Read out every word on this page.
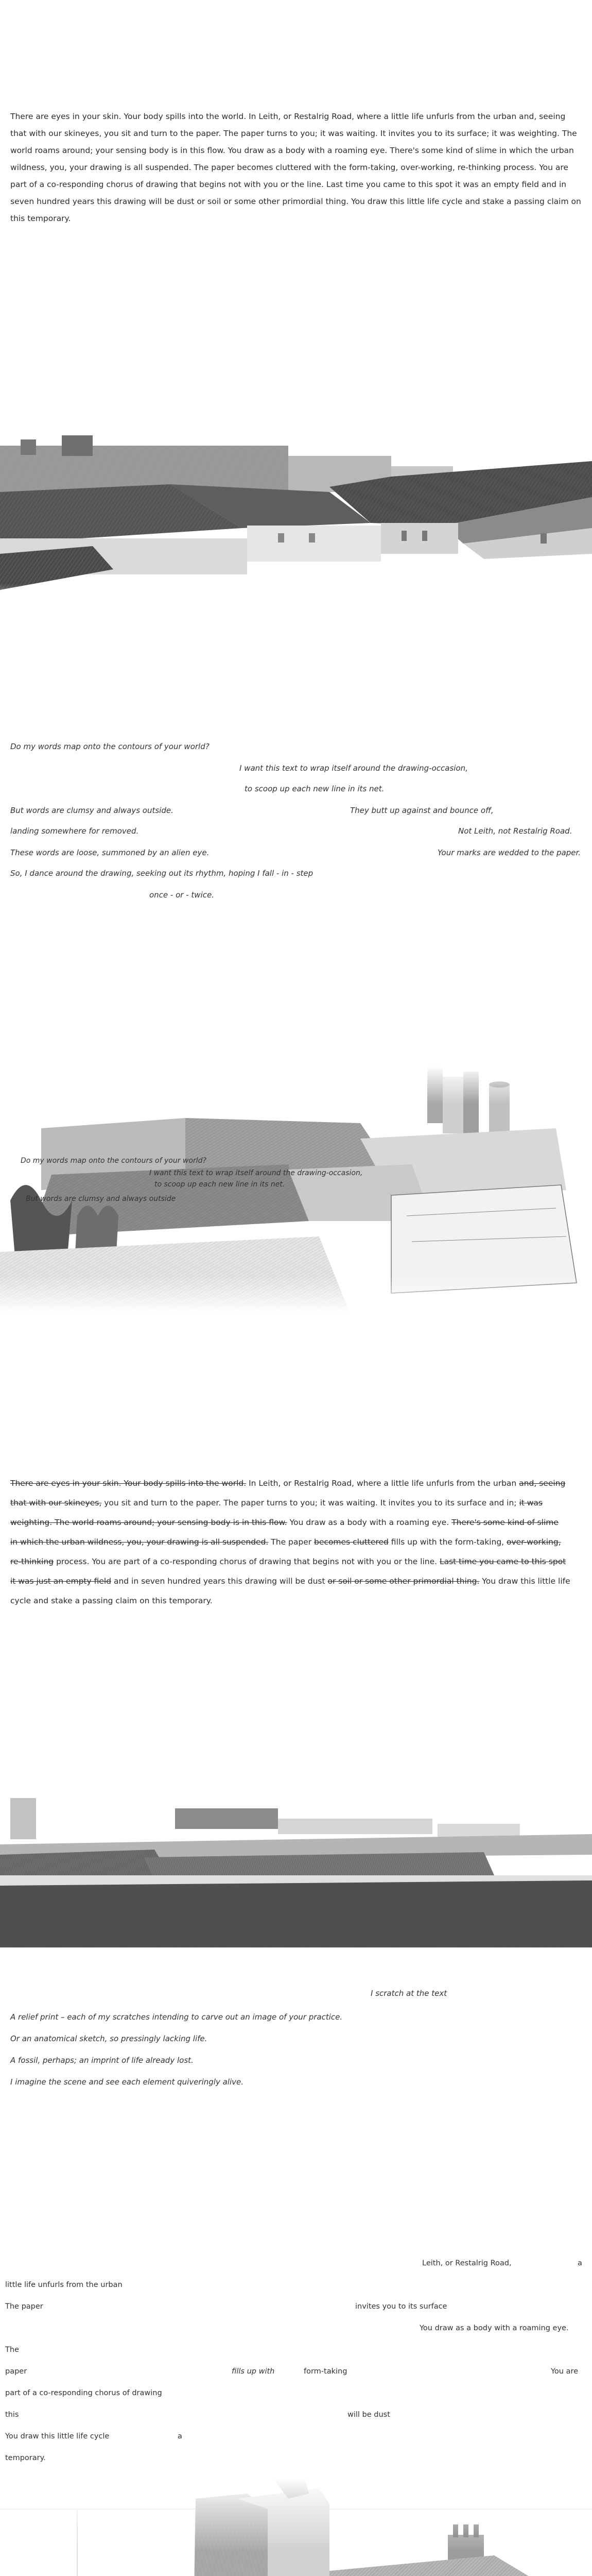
There are eyes in your skin. Your body spills into the world. In Leith, or Restalrig Road, where a little life unfurls from the urban and, seeing
that with our skineyes, you sit and turn to the paper. The paper turns to you; it was waiting. It invites you to its surface; it was weighting. The
world roams around; your sensing body is in this flow. You draw as a body with a roaming eye. There's some kind of slime in which the urban
wildness, you, your drawing is all suspended. The paper becomes cluttered with the form-taking, over-working, re-thinking process. You are
part of a co-responding chorus of drawing that begins not with you or the line. Last time you came to this spot it was an empty field and in
seven hundred years this drawing will be dust or soil or some other primordial thing. You draw this little life cycle and stake a passing claim on
this temporary.
Do my words map onto the contours of your world?
I want this text to wrap itself around the drawing-occasion,
to scoop up each new line in its net.
But words are clumsy and always outside.	They butt up against and bounce off,
landing somewhere for removed.	Not Leith, not Restalrig Road.
These words are loose, summoned by an alien eye.	Your marks are wedded to the paper.
So, I dance around the drawing, seeking out its rhythm, hoping I fall - in - step
once - or - twice.
Do my words map onto the contours of your world?
I want this text to wrap itself around the drawing-occasion,
to scoop up each new line in its net.
But words are clumsy and always outside
There are eyes in your skin. Your body spills into the world. In Leith, or Restalrig Road, where a little life unfurls from the urban and, seeing
that with our skineyes, you sit and turn to the paper. The paper turns to you; it was waiting. It invites you to its surface and in; it was
weighting. The world roams around; your sensing body is in this flow. You draw as a body with a roaming eye. There's some kind of slime
in which the urban wildness, you, your drawing is all suspended. The paper becomes cluttered fills up with the form-taking, over-working,
re-thinking process. You are part of a co-responding chorus of drawing that begins not with you or the line. Last time you came to this spot
it was just an empty field and in seven hundred years this drawing will be dust or soil or some other primordial thing. You draw this little life
cycle and stake a passing claim on this temporary.
I scratch at the text
A relief print – each of my scratches intending to carve out an image of your practice.
Or an anatomical sketch, so pressingly lacking life.
A fossil, perhaps; an imprint of life already lost.
I imagine the scene and see each element quiveringly alive.
Leith, or Restalrig Road,	a
little life unfurls from the urban
The paper	invites you to its surface
You draw as a body with a roaming eye.
The
paper	fills up with	form-taking	You are
part of a co-responding chorus of drawing
this	will be dust
You draw this little life cycle	a
temporary.
